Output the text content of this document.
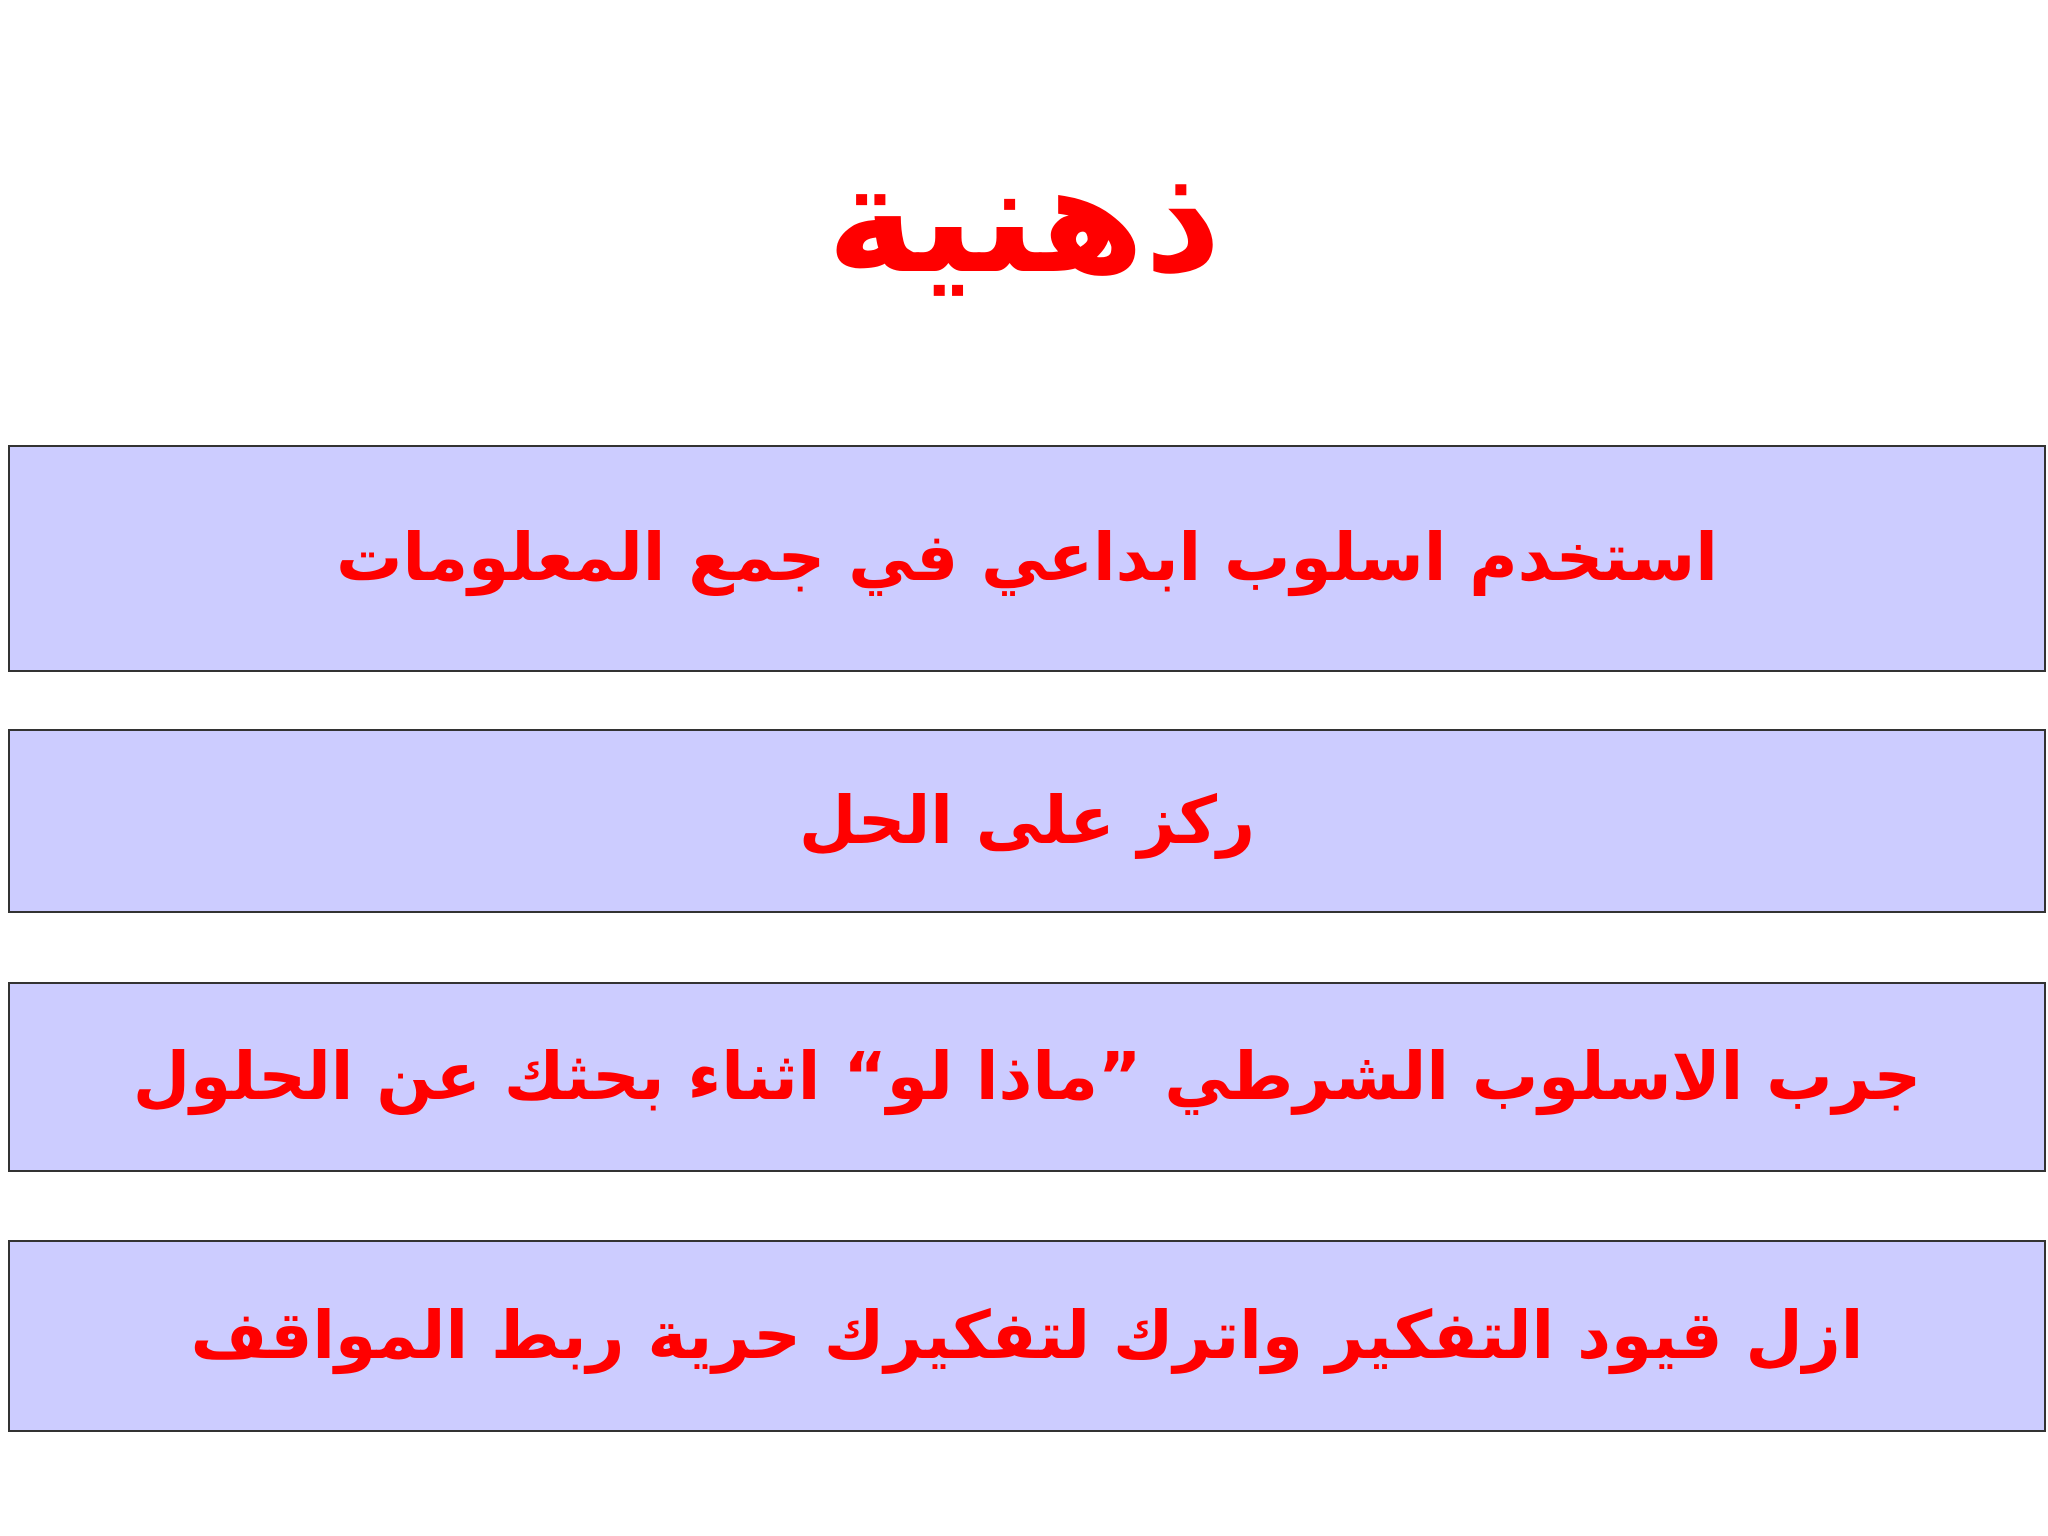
ذهنية
استخدم اسلوب ابداعي في جمع المعلومات
ركز على الحل
جرب الاسلوب الشرطي ”ماذا لو“ اثناء بحثك عن الحلول
ازل قيود التفكير واترك لتفكيرك حرية ربط المواقف
